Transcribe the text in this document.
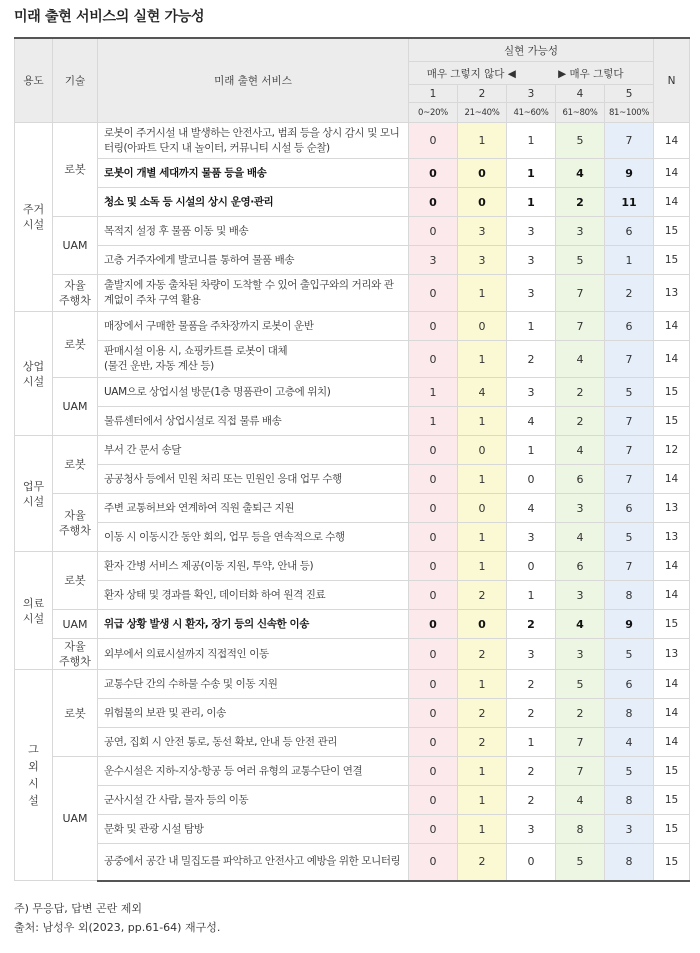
미래 출현 서비스의 실현 가능성
용도	기술	미래 출현 서비스	실현 가능성					N
			매우 그렇지 않다 ◀ ▶ 매우 그렇다					
			1	2	3	4	5	
			0~20%	21~40%	41~60%	61~80%	81~100%	
주거
시설	로봇	로봇이 주거시설 내 발생하는 안전사고, 범죄 등을 상시 감시 및 모니터링(아파트 단지 내 놀이터, 커뮤니티 시설 등 순찰)	0	1	1	5	7	14
		로봇이 개별 세대까지 물품 등을 배송	0	0	1	4	9	14
		청소 및 소독 등 시설의 상시 운영·관리	0	0	1	2	11	14
	UAM	목적지 설정 후 물품 이동 및 배송	0	3	3	3	6	15
		고층 거주자에게 발코니를 통하여 물품 배송	3	3	3	5	1	15
	자율
주행차	출발지에 자동 출차된 차량이 도착할 수 있어 출입구와의 거리와 관계없이 주차 구역 활용	0	1	3	7	2	13
상업
시설	로봇	매장에서 구매한 물품을 주차장까지 로봇이 운반	0	0	1	7	6	14
		판매시설 이용 시, 쇼핑카트를 로봇이 대체
(물건 운반, 자동 계산 등)	0	1	2	4	7	14
	UAM	UAM으로 상업시설 방문(1층 명품관이 고층에 위치)	1	4	3	2	5	15
		물류센터에서 상업시설로 직접 물류 배송	1	1	4	2	7	15
업무
시설	로봇	부서 간 문서 송달	0	0	1	4	7	12
		공공청사 등에서 민원 처리 또는 민원인 응대 업무 수행	0	1	0	6	7	14
	자율
주행차	주변 교통허브와 연계하여 직원 출퇴근 지원	0	0	4	3	6	13
		이동 시 이동시간 동안 회의, 업무 등을 연속적으로 수행	0	1	3	4	5	13
의료
시설	로봇	환자 간병 서비스 제공(이동 지원, 투약, 안내 등)	0	1	0	6	7	14
		환자 상태 및 경과를 확인, 데이터화 하여 원격 진료	0	2	1	3	8	14
	UAM	위급 상황 발생 시 환자, 장기 등의 신속한 이송	0	0	2	4	9	15
	자율
주행차	외부에서 의료시설까지 직접적인 이동	0	2	3	3	5	13
그외시설	로봇	교통수단 간의 수하물 수송 및 이동 지원	0	1	2	5	6	14
		위험물의 보관 및 관리, 이송	0	2	2	2	8	14
		공연, 집회 시 안전 통로, 동선 확보, 안내 등 안전 관리	0	2	1	7	4	14
	UAM	운수시설은 지하-지상-항공 등 여러 유형의 교통수단이 연결	0	1	2	7	5	15
		군사시설 간 사람, 물자 등의 이동	0	1	2	4	8	15
		문화 및 관광 시설 탐방	0	1	3	8	3	15
		공중에서 공간 내 밀집도를 파악하고 안전사고 예방을 위한 모니터링	0	2	0	5	8	15
주) 무응답, 답변 곤란 제외
출처: 남성우 외(2023, pp.61-64) 재구성.
